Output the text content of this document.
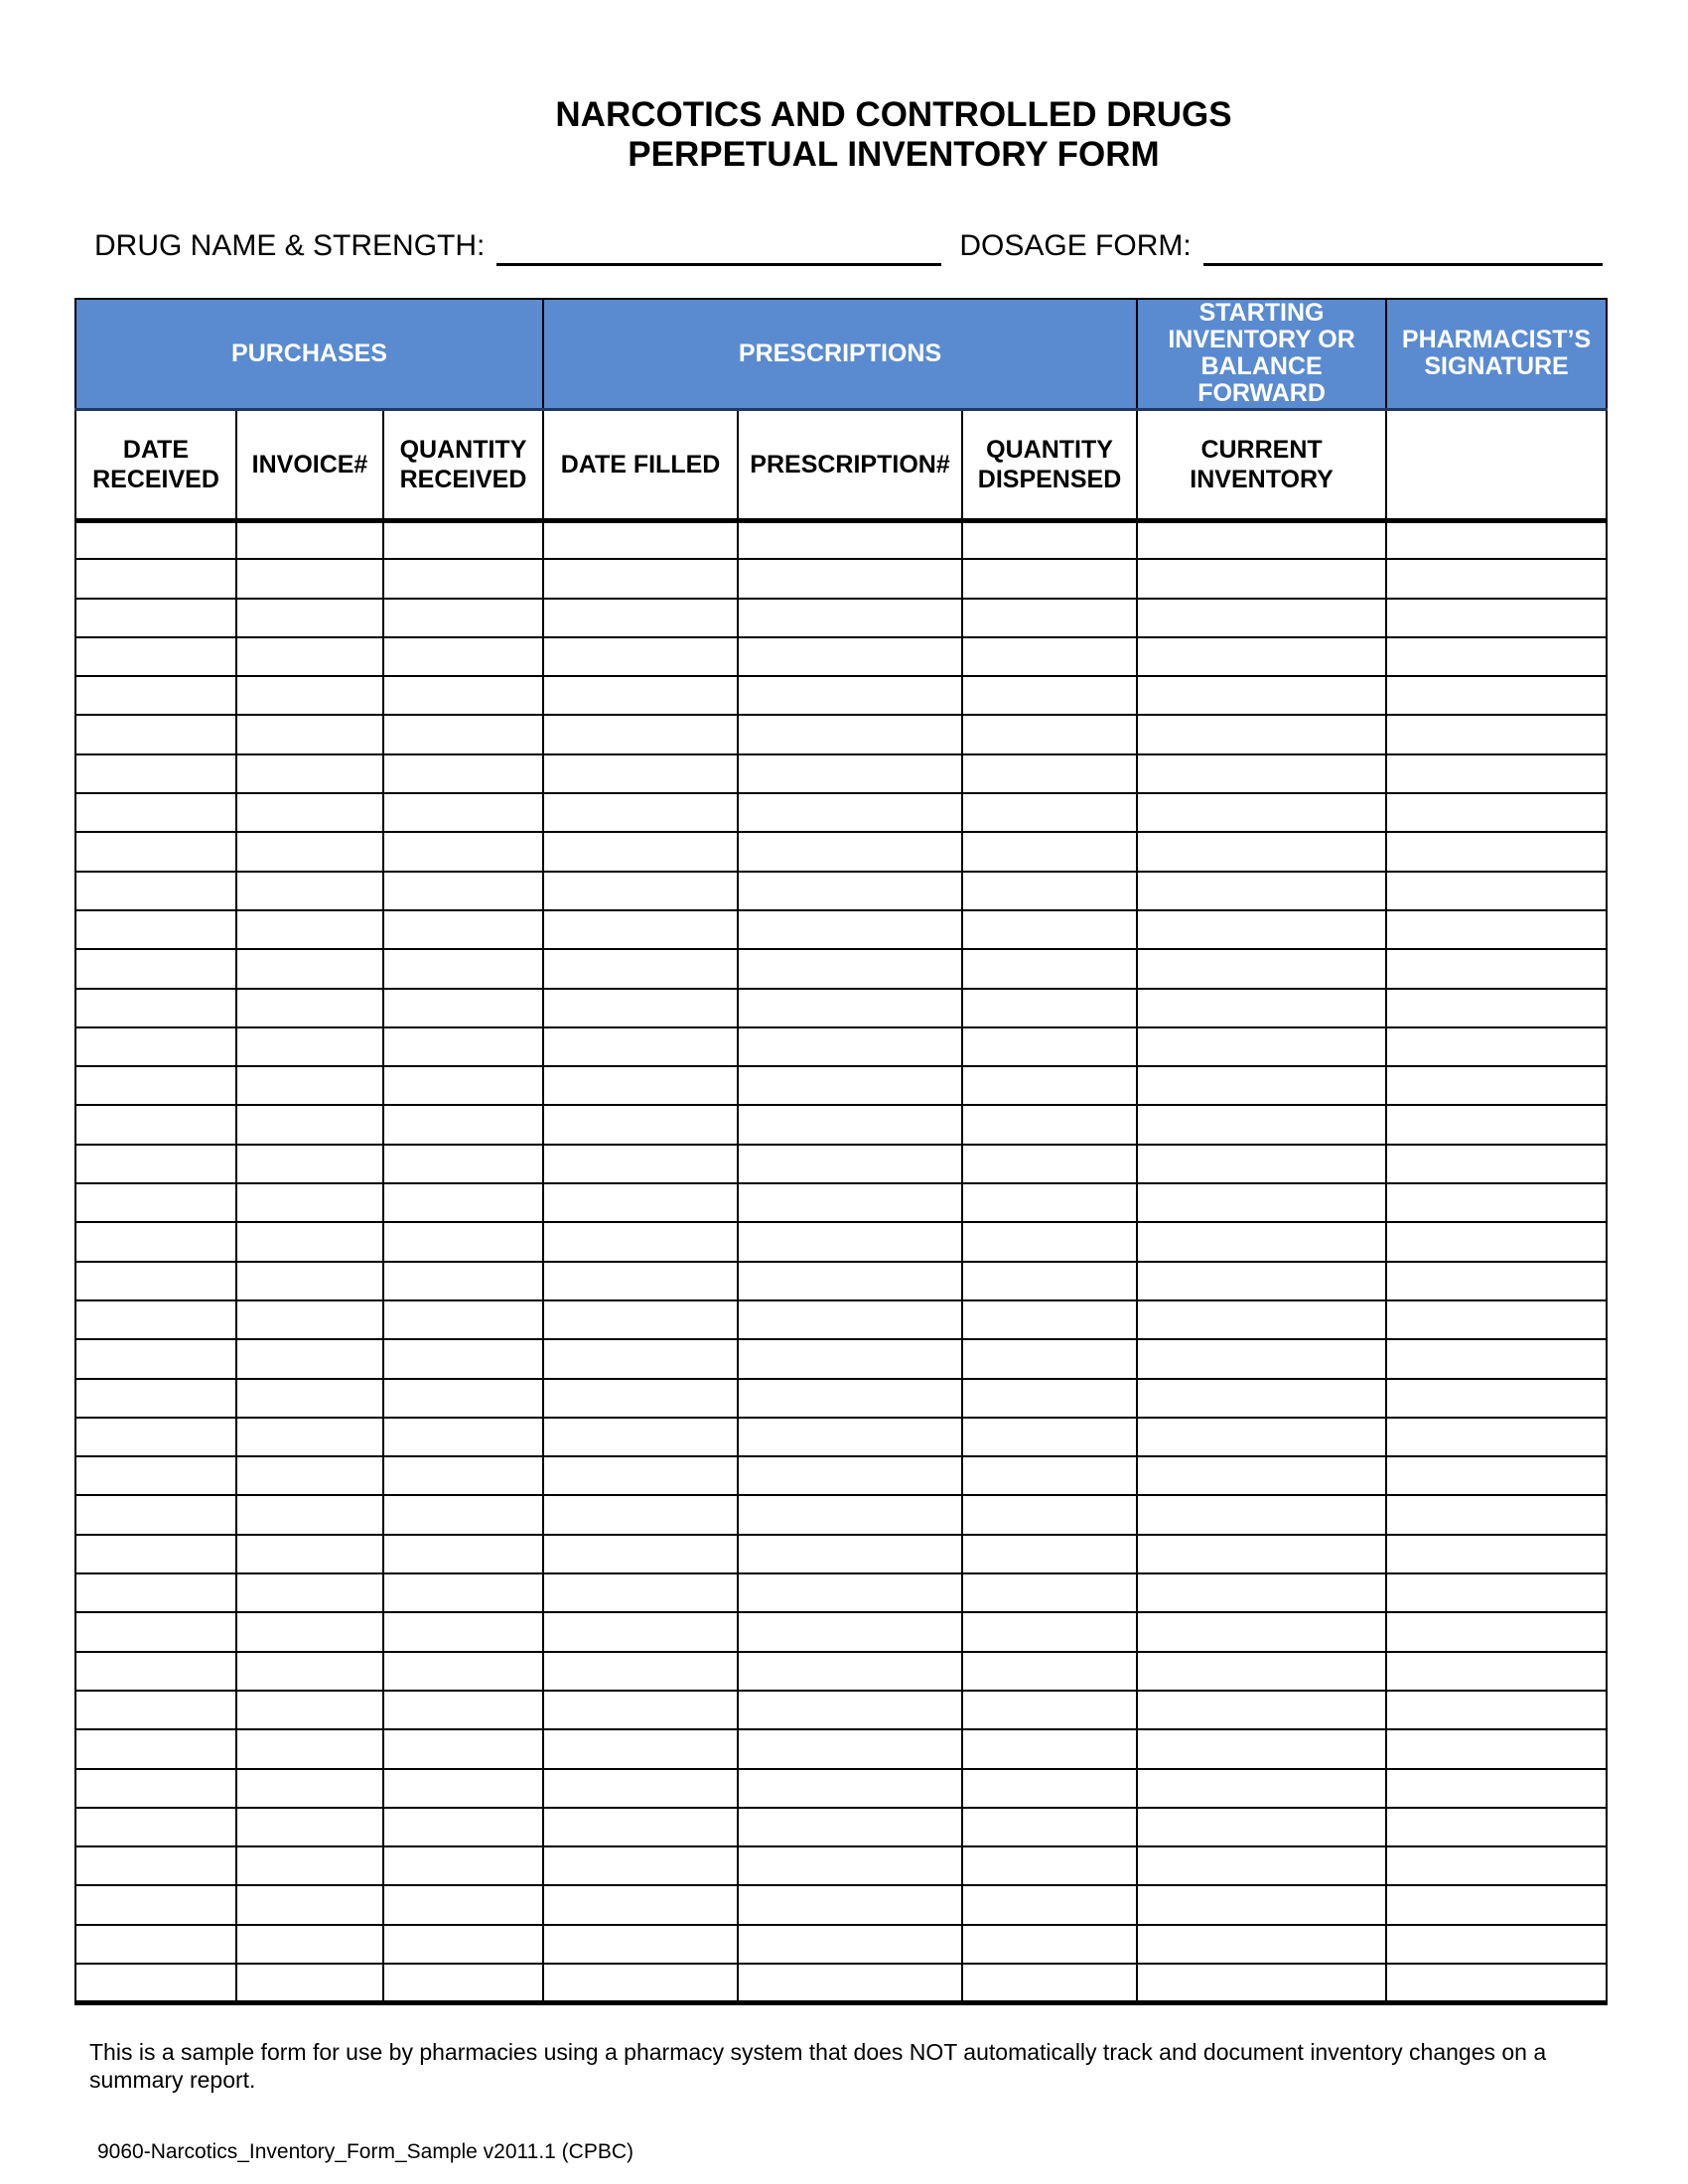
NARCOTICS AND CONTROLLED DRUGS
PERPETUAL INVENTORY FORM
DRUG NAME & STRENGTH:	DOSAGE FORM:
PURCHASES			PRESCRIPTIONS			STARTING INVENTORY OR BALANCE FORWARD	PHARMACIST’S SIGNATURE
DATE RECEIVED	INVOICE#	QUANTITY RECEIVED	DATE FILLED	PRESCRIPTION#	QUANTITY DISPENSED	CURRENT INVENTORY	

This is a sample form for use by pharmacies using a pharmacy system that does NOT automatically track and document inventory changes on a summary report.
9060-Narcotics_Inventory_Form_Sample v2011.1 (CPBC)
